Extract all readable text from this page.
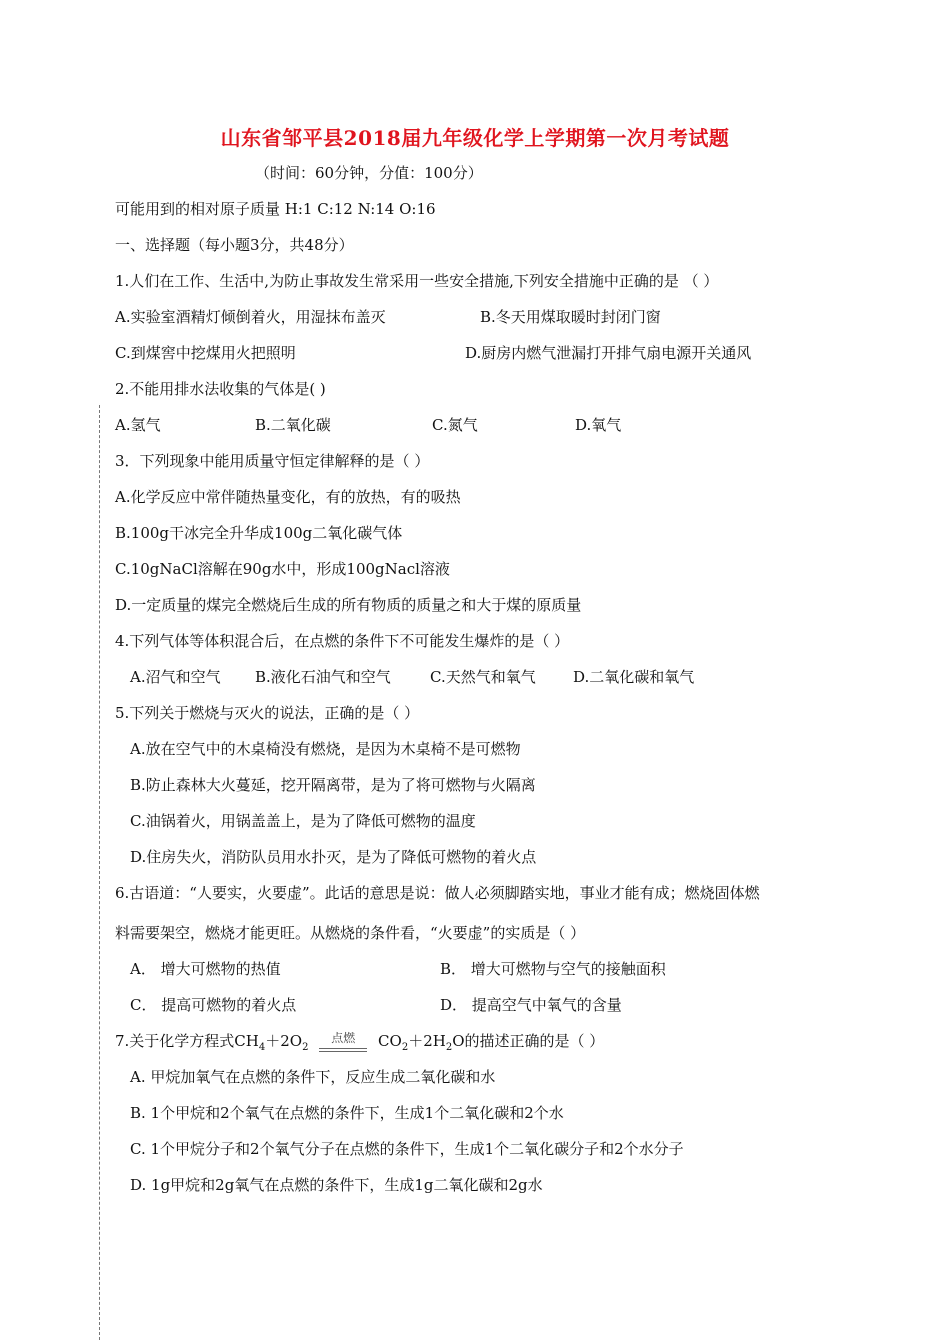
山东省邹平县2018届九年级化学上学期第一次月考试题
（时间：60分钟，分值：100分）
可能用到的相对原子质量 H:1 C:12 N:14 O:16
一、选择题（每小题3分，共48分）
1.人们在工作、生活中,为防止事故发生常采用一些安全措施,下列安全措施中正确的是 （ ）
A.实验室酒精灯倾倒着火，用湿抹布盖灭	B.冬天用煤取暖时封闭门窗
C.到煤窖中挖煤用火把照明	D.厨房内燃气泄漏打开排气扇电源开关通风
2.不能用排水法收集的气体是( )
A.氢气	B.二氧化碳	C.氮气	D.氧气
3．下列现象中能用质量守恒定律解释的是（ ）
A.化学反应中常伴随热量变化，有的放热，有的吸热
B.100g干冰完全升华成100g二氧化碳气体
C.10gNaCl溶解在90g水中，形成100gNacl溶液
D.一定质量的煤完全燃烧后生成的所有物质的质量之和大于煤的原质量
4.下列气体等体积混合后，在点燃的条件下不可能发生爆炸的是（ ）
A.沼气和空气 B.液化石油气和空气	C.天然气和氧气 D.二氧化碳和氧气
5.下列关于燃烧与灭火的说法，正确的是（ ）
A.放在空气中的木桌椅没有燃烧，是因为木桌椅不是可燃物
B.防止森林大火蔓延，挖开隔离带，是为了将可燃物与火隔离
C.油锅着火，用锅盖盖上，是为了降低可燃物的温度
D.住房失火，消防队员用水扑灭，是为了降低可燃物的着火点
6.古语道：“人要实，火要虚”。此话的意思是说：做人必须脚踏实地，事业才能有成；燃烧固体燃
料需要架空，燃烧才能更旺。从燃烧的条件看，“火要虚”的实质是（ ）
A． 增大可燃物的热值	B． 增大可燃物与空气的接触面积
C． 提高可燃物的着火点	D． 提高空气中氧气的含量
7.关于化学方程式$CH_4+2O_2$ 点燃 $CO_2+2H_2O$的描述正确的是（ ）
A. 甲烷加氧气在点燃的条件下，反应生成二氧化碳和水
B. 1个甲烷和2个氧气在点燃的条件下，生成1个二氧化碳和2个水
C. 1个甲烷分子和2个氧气分子在点燃的条件下，生成1个二氧化碳分子和2个水分子
D. 1g甲烷和2g氧气在点燃的条件下，生成1g二氧化碳和2g水
